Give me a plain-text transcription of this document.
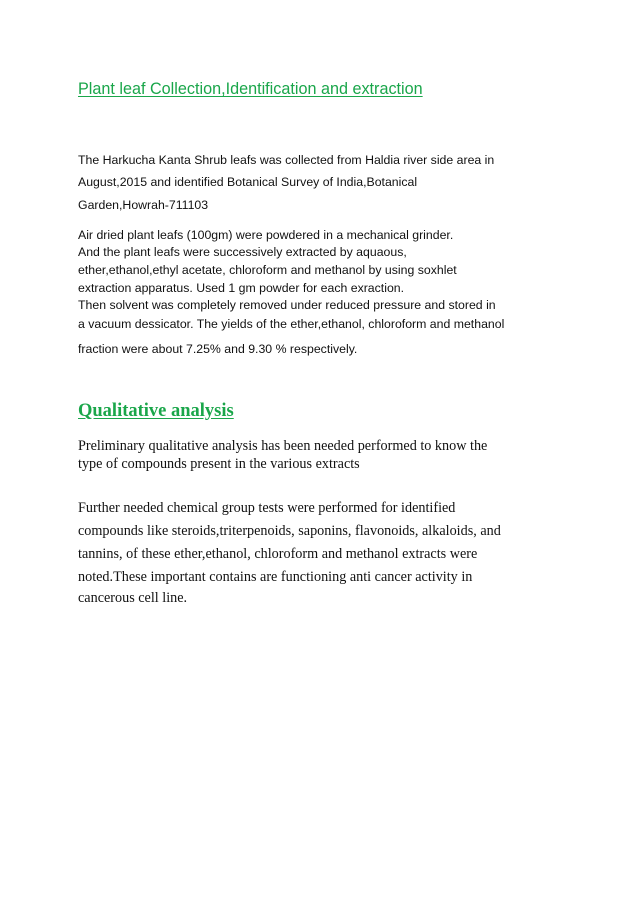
Plant leaf Collection,Identification and extraction
The Harkucha Kanta Shrub leafs was collected from Haldia river side area in
August,2015 and identified Botanical Survey of India,Botanical
Garden,Howrah-711103
Air dried plant leafs (100gm) were powdered in a mechanical grinder.
And the plant leafs were successively extracted by aquaous,
ether,ethanol,ethyl acetate, chloroform and methanol by using soxhlet
extraction apparatus. Used 1 gm powder for each exraction.
Then solvent was completely removed under reduced pressure and stored in
a vacuum dessicator. The yields of the ether,ethanol, chloroform and methanol
fraction were about 7.25% and 9.30 % respectively.
Qualitative analysis
Preliminary qualitative analysis has been needed performed to know the
type of compounds present in the various extracts
Further needed chemical group tests were performed for identified
compounds like steroids,triterpenoids, saponins, flavonoids, alkaloids, and
tannins, of these ether,ethanol, chloroform and methanol extracts were
noted.These important contains are functioning anti cancer activity in
cancerous cell line.
